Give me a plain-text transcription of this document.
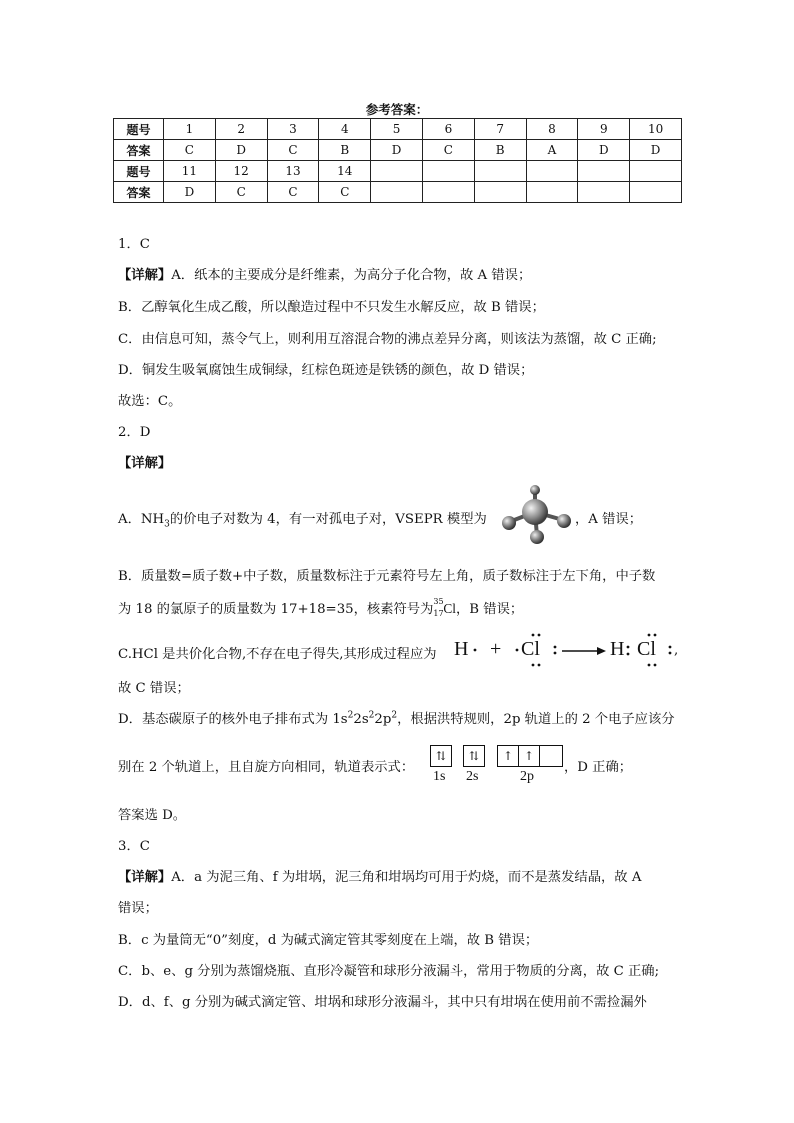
参考答案：
题号	1	2	3	4	5	6	7	8	9	10
答案	C	D	C	B	D	C	B	A	D	D
题号	11	12	13	14						
答案	D	C	C	C						
1．C
【详解】A．纸本的主要成分是纤维素，为高分子化合物，故 A 错误；
B．乙醇氧化生成乙酸，所以酿造过程中不只发生水解反应，故 B 错误；
C．由信息可知，蒸令气上，则利用互溶混合物的沸点差异分离，则该法为蒸馏，故 C 正确;
D．铜发生吸氧腐蚀生成铜绿，红棕色斑迹是铁锈的颜色，故 D 错误；
故选：C。
2．D
【详解】
A．$NH_3$的价电子对数为 4，有一对孤电子对，VSEPR 模型为	，A 错误；
B．质量数=质子数+中子数，质量数标注于元素符号左上角，质子数标注于左下角，中子数
为 18 的氯原子的质量数为 17+18=35，核素符号为
35
17 Cl，B 错误；
C.HCl 是共价化合物,不存在电子得失,其形成过程应为 H + Cl	H Cl ,
故 C 错误；
D．基态碳原子的核外电子排布式为 $1s^22s^22p^2$，根据洪特规则，2p 轨道上的 2 个电子应该分
别在 2 个轨道上，且自旋方向相同，轨道表示式：
⇅	⇅	↑ ↑
1s 2s	2p
，D 正确；
答案选 D。
3．C
【详解】A．a 为泥三角、f 为坩埚，泥三角和坩埚均可用于灼烧，而不是蒸发结晶，故 A
错误；
B．c 为量筒无“0”刻度，d 为碱式滴定管其零刻度在上端，故 B 错误；
C．b、e、g 分别为蒸馏烧瓶、直形冷凝管和球形分液漏斗，常用于物质的分离，故 C 正确;
D．d、f、g 分别为碱式滴定管、坩埚和球形分液漏斗，其中只有坩埚在使用前不需捡漏外
